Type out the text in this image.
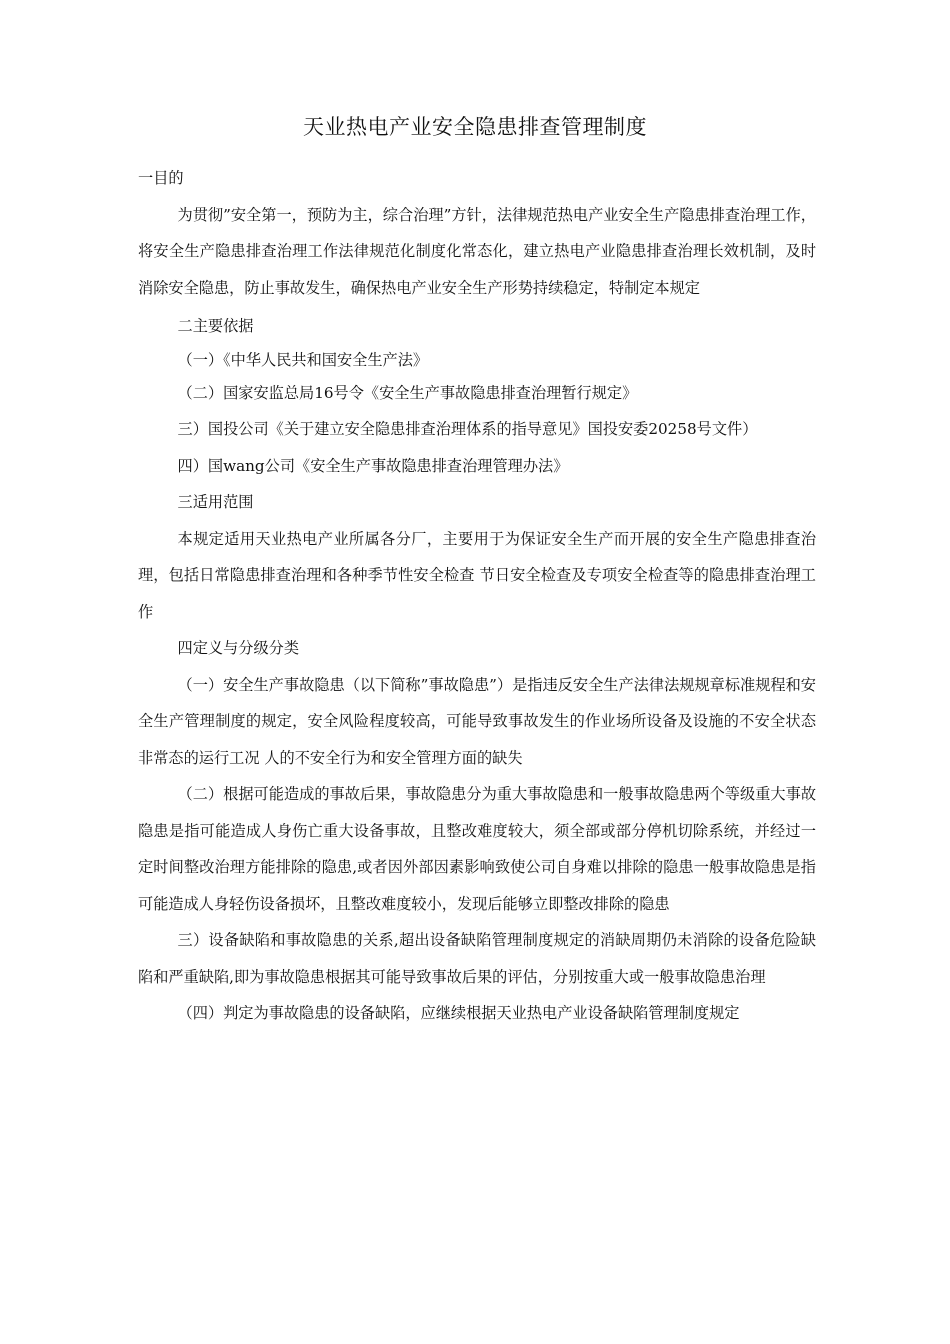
天业热电产业安全隐患排查管理制度

一目的

为贯彻”安全第一，预防为主，综合治理”方针，法律规范热电产业安全生产隐患排查治理工作，将安全生产隐患排查治理工作法律规范化制度化常态化，建立热电产业隐患排查治理长效机制，及时消除安全隐患，防止事故发生，确保热电产业安全生产形势持续稳定，特制定本规定

二主要依据

（一）《中华人民共和国安全生产法》

（二）国家安监总局16号令《安全生产事故隐患排查治理暂行规定》

三）国投公司《关于建立安全隐患排查治理体系的指导意见》国投安委20258号文件）

四）国wang公司《安全生产事故隐患排查治理管理办法》

三适用范围

本规定适用天业热电产业所属各分厂，主要用于为保证安全生产而开展的安全生产隐患排查治理，包括日常隐患排查治理和各种季节性安全检查 节日安全检查及专项安全检查等的隐患排查治理工作

四定义与分级分类

（一）安全生产事故隐患（以下简称”事故隐患”）是指违反安全生产法律法规规章标准规程和安全生产管理制度的规定，安全风险程度较高，可能导致事故发生的作业场所设备及设施的不安全状态非常态的运行工况 人的不安全行为和安全管理方面的缺失

（二）根据可能造成的事故后果，事故隐患分为重大事故隐患和一般事故隐患两个等级重大事故隐患是指可能造成人身伤亡重大设备事故，且整改难度较大，须全部或部分停机切除系统，并经过一定时间整改治理方能排除的隐患,或者因外部因素影响致使公司自身难以排除的隐患一般事故隐患是指可能造成人身轻伤设备损坏，且整改难度较小，发现后能够立即整改排除的隐患

三）设备缺陷和事故隐患的关系,超出设备缺陷管理制度规定的消缺周期仍未消除的设备危险缺陷和严重缺陷,即为事故隐患根据其可能导致事故后果的评估，分别按重大或一般事故隐患治理

（四）判定为事故隐患的设备缺陷，应继续根据天业热电产业设备缺陷管理制度规定
